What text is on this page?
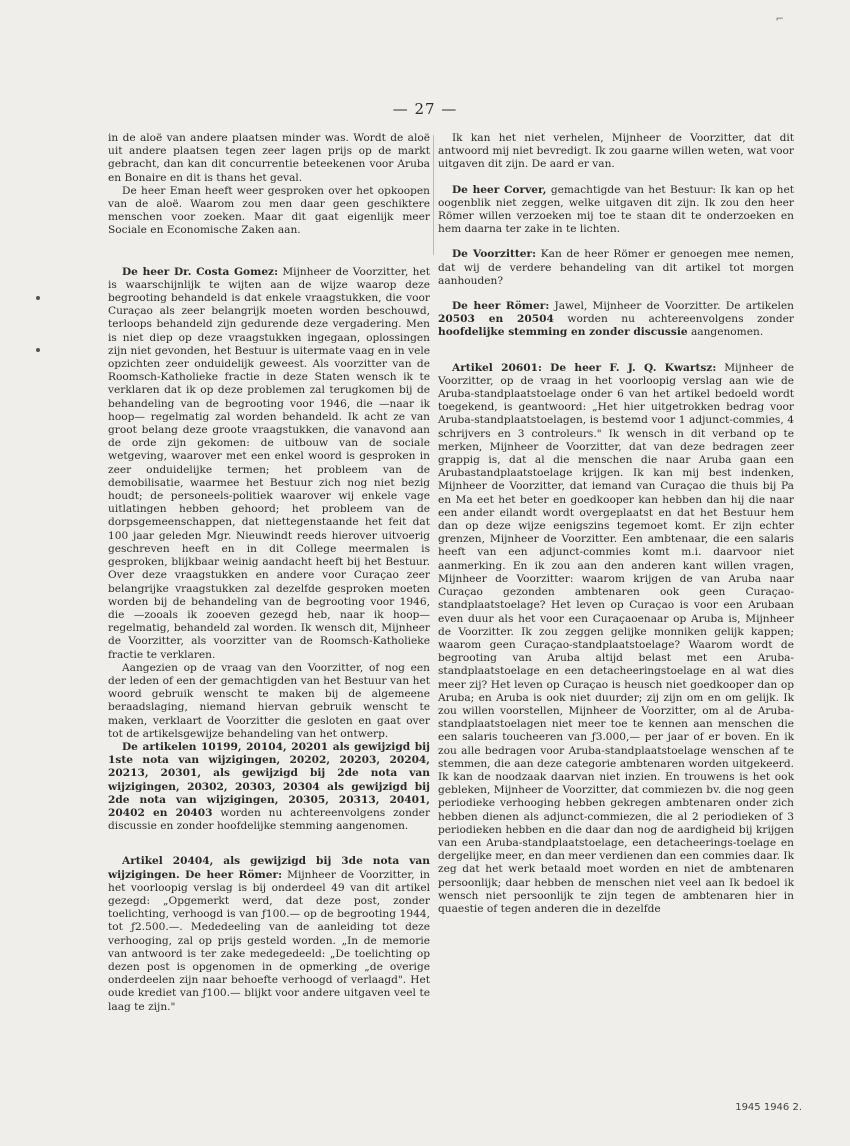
⌐
— 27 —

in de aloë van andere plaatsen minder was. Wordt de aloë uit andere plaatsen tegen zeer lagen prijs op de markt gebracht, dan kan dit concurrentie beteekenen voor Aruba en Bonaire en dit is thans het geval.

De heer Eman heeft weer gesproken over het opkoopen van de aloë. Waarom zou men daar geen geschiktere menschen voor zoeken. Maar dit gaat eigenlijk meer Sociale en Economische Zaken aan.

De heer Dr. Costa Gomez: Mijnheer de Voorzitter, het is waarschijnlijk te wijten aan de wijze waarop deze begrooting behandeld is dat enkele vraagstukken, die voor Curaçao als zeer belangrijk moeten worden beschouwd, terloops behandeld zijn gedurende deze vergadering. Men is niet diep op deze vraagstukken ingegaan, oplossingen zijn niet gevonden, het Bestuur is uitermate vaag en in vele opzichten zeer onduidelijk geweest. Als voorzitter van de Roomsch-Katholieke fractie in deze Staten wensch ik te verklaren dat ik op deze problemen zal terugkomen bij de behandeling van de begrooting voor 1946, die —naar ik hoop— regelmatig zal worden behandeld. Ik acht ze van groot belang deze groote vraagstukken, die vanavond aan de orde zijn gekomen: de uitbouw van de sociale wetgeving, waarover met een enkel woord is gesproken in zeer onduidelijke termen; het probleem van de demobilisatie, waarmee het Bestuur zich nog niet bezig houdt; de personeels-politiek waarover wij enkele vage uitlatingen hebben gehoord; het probleem van de dorpsgemeenschappen, dat niettegenstaande het feit dat 100 jaar geleden Mgr. Nieuwindt reeds hierover uitvoerig geschreven heeft en in dit College meermalen is gesproken, blijkbaar weinig aandacht heeft bij het Bestuur. Over deze vraagstukken en andere voor Curaçao zeer belangrijke vraagstukken zal dezelfde gesproken moeten worden bij de behandeling van de begrooting voor 1946, die —zooals ik zooeven gezegd heb, naar ik hoop— regelmatig, behandeld zal worden. Ik wensch dit, Mijnheer de Voorzitter, als voorzitter van de Roomsch-Katholieke fractie te verklaren.

Aangezien op de vraag van den Voorzitter, of nog een der leden of een der gemachtigden van het Bestuur van het woord gebruik wenscht te maken bij de algemeene beraadslaging, niemand hiervan gebruik wenscht te maken, verklaart de Voorzitter die gesloten en gaat over tot de artikelsgewijze behandeling van het ontwerp.

De artikelen 10199, 20104, 20201 als gewijzigd bij 1ste nota van wijzigingen, 20202, 20203, 20204, 20213, 20301, als gewijzigd bij 2de nota van wijzigingen, 20302, 20303, 20304 als gewijzigd bij 2de nota van wijzigingen, 20305, 20313, 20401, 20402 en 20403 worden nu achtereenvolgens zonder discussie en zonder hoofdelijke stemming aangenomen.

Artikel 20404, als gewijzigd bij 3de nota van wijzigingen. De heer Römer: Mijnheer de Voorzitter, in het voorloopig verslag is bij onderdeel 49 van dit artikel gezegd: „Opgemerkt werd, dat deze post, zonder toelichting, verhoogd is van ƒ100.— op de begrooting 1944, tot ƒ2.500.—. Mededeeling van de aanleiding tot deze verhooging, zal op prijs gesteld worden. „In de memorie van antwoord is ter zake medegedeeld: „De toelichting op dezen post is opgenomen in de opmerking „de overige onderdeelen zijn naar behoefte verhoogd of verlaagd". Het oude krediet van ƒ100.— blijkt voor andere uitgaven veel te laag te zijn."

Ik kan het niet verhelen, Mijnheer de Voorzitter, dat dit antwoord mij niet bevredigt. Ik zou gaarne willen weten, wat voor uitgaven dit zijn. De aard er van.

De heer Corver, gemachtigde van het Bestuur: Ik kan op het oogenblik niet zeggen, welke uitgaven dit zijn. Ik zou den heer Römer willen verzoeken mij toe te staan dit te onderzoeken en hem daarna ter zake in te lichten.

De Voorzitter: Kan de heer Römer er genoegen mee nemen, dat wij de verdere behandeling van dit artikel tot morgen aanhouden?

De heer Römer: Jawel, Mijnheer de Voorzitter. De artikelen 20503 en 20504 worden nu achtereenvolgens zonder hoofdelijke stemming en zonder discussie aangenomen.

Artikel 20601: De heer F. J. Q. Kwartsz: Mijnheer de Voorzitter, op de vraag in het voorloopig verslag aan wie de Aruba-standplaatstoelage onder 6 van het artikel bedoeld wordt toegekend, is geantwoord: „Het hier uitgetrokken bedrag voor Aruba-standplaatstoelagen, is bestemd voor 1 adjunct-commies, 4 schrijvers en 3 controleurs." Ik wensch in dit verband op te merken, Mijnheer de Voorzitter, dat van deze bedragen zeer grappig is, dat al die menschen die naar Aruba gaan een Arubastandplaatstoelage krijgen. Ik kan mij best indenken, Mijnheer de Voorzitter, dat iemand van Curaçao die thuis bij Pa en Ma eet het beter en goedkooper kan hebben dan hij die naar een ander eilandt wordt overgeplaatst en dat het Bestuur hem dan op deze wijze eenigszins tegemoet komt. Er zijn echter grenzen, Mijnheer de Voorzitter. Een ambtenaar, die een salaris heeft van een adjunct-commies komt m.i. daarvoor niet aanmerking. En ik zou aan den anderen kant willen vragen, Mijnheer de Voorzitter: waarom krijgen de van Aruba naar Curaçao gezonden ambtenaren ook geen Curaçao-standplaatstoelage? Het leven op Curaçao is voor een Arubaan even duur als het voor een Curaçaoenaar op Aruba is, Mijnheer de Voorzitter. Ik zou zeggen gelijke monniken gelijk kappen; waarom geen Curaçao-standplaatstoelage? Waarom wordt de begrooting van Aruba altijd belast met een Aruba-standplaatstoelage en een detacheeringstoelage en al wat dies meer zij? Het leven op Curaçao is heusch niet goedkooper dan op Aruba; en Aruba is ook niet duurder; zij zijn om en om gelijk. Ik zou willen voorstellen, Mijnheer de Voorzitter, om al de Aruba-standplaatstoelagen niet meer toe te kennen aan menschen die een salaris toucheeren van ƒ3.000,— per jaar of er boven. En ik zou alle bedragen voor Aruba-standplaatstoelage wenschen af te stemmen, die aan deze categorie ambtenaren worden uitgekeerd. Ik kan de noodzaak daarvan niet inzien. En trouwens is het ook gebleken, Mijnheer de Voorzitter, dat commiezen bv. die nog geen periodieke verhooging hebben gekregen ambtenaren onder zich hebben dienen als adjunct-commiezen, die al 2 periodieken of 3 periodieken hebben en die daar dan nog de aardigheid bij krijgen van een Aruba-standplaatstoelage, een detacheerings-toelage en dergelijke meer, en dan meer verdienen dan een commies daar. Ik zeg dat het werk betaald moet worden en niet de ambtenaren persoonlijk; daar hebben de menschen niet veel aan Ik bedoel ik wensch niet persoonlijk te zijn tegen de ambtenaren hier in quaestie of tegen anderen die in dezelfde

1945 1946 2.
